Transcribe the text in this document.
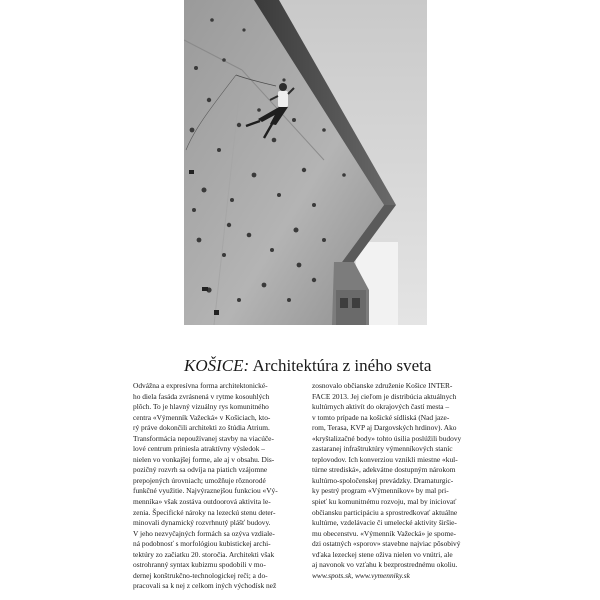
KOŠICE: Architektúra z iného sveta
Odvážna a expresívna forma architektonické-
ho diela fasáda zvrásnená v rytme kosouhlých
plôch. To je hlavný vizuálny rys komunitného
centra «Výmenník Važecká» v Košiciach, kto-
rý práve dokončili architekti zo štúdia Atrium.
Transformácia nepoužívanej stavby na viacúče-
lové centrum priniesla atraktívny výsledok –
nielen vo vonkajšej forme, ale aj v obsahu. Dis-
pozičný rozvrh sa odvíja na piatich vzájomne
prepojených úrovniach; umožňuje rôznorodé
funkčné využitie. Najvýraznejšou funkciou «Vý-
menníka» však zostáva outdoorová aktivita le-
zenia. Špecifické nároky na lezeckú stenu deter-
minovali dynamický rozvrhnutý plášť budovy.
V jeho nezvyčajných formách sa ozýva vzdiale-
ná podobnosť s morfológiou kubistickej archi-
tektúry zo začiatku 20. storočia. Architekti však
ostrohranný syntax kubizmu spodobili v mo-
dernej konštrukčno-technologickej reči; a do-
pracovali sa k nej z celkom iných východísk než
zosnovalo občianske združenie Košice INTER-
FACE 2013. Jej cieľom je distribúcia aktuálnych
kultúrnych aktivít do okrajových častí mesta –
v tomto prípade na košické sídliská (Nad jaze-
rom, Terasa, KVP aj Dargovských hrdinov). Ako
«kryštalizačné body» tohto úsilia poslúžili budovy
zastaranej infraštruktúry výmenníkových staníc
teplovodov. Ich konverziou vznikli miestne «kul-
túrne strediská», adekvátne dostupným nárokom
kultúrno-spoločenskej prevádzky. Dramaturgic-
ky pestrý program «Výmenníkov» by mal pri-
spieť ku komunitnému rozvoju, mal by iniciovať
občiansku participáciu a sprostredkovať aktuálne
kultúrne, vzdelávacie či umelecké aktivity širšie-
mu obecenstvu. «Výmenník Važecká» je spome-
dzi ostatných «sporov» stavebne najviac pôsobivý
vďaka lezeckej stene oživa nielen vo vnútri, ale
aj navonok vo vzťahu k bezprostrednému okoliu.
www.spots.sk, www.vymenniky.sk
